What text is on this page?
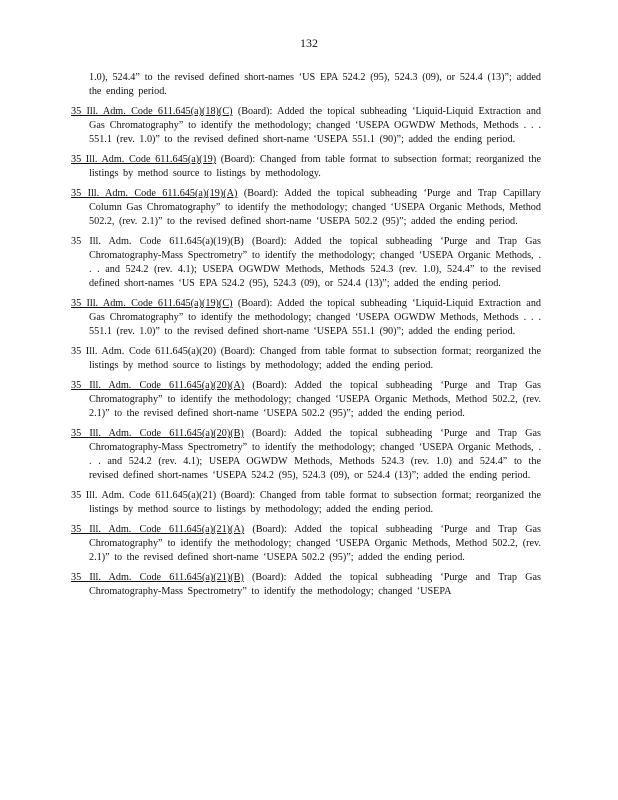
132

1.0), 524.4” to the revised defined short-names ‘US EPA 524.2 (95), 524.3 (09), or 524.4 (13)”; added the ending period.

35 Ill. Adm. Code 611.645(a)(18)(C) (Board): Added the topical subheading ‘Liquid-Liquid Extraction and Gas Chromatography” to identify the methodology; changed ‘USEPA OGWDW Methods, Methods . . . 551.1 (rev. 1.0)” to the revised defined short-name ‘USEPA 551.1 (90)”; added the ending period.

35 Ill. Adm. Code 611.645(a)(19) (Board): Changed from table format to subsection format; reorganized the listings by method source to listings by methodology.

35 Ill. Adm. Code 611.645(a)(19)(A) (Board): Added the topical subheading ‘Purge and Trap Capillary Column Gas Chromatography” to identify the methodology; changed ‘USEPA Organic Methods, Method 502.2, (rev. 2.1)” to the revised defined short-name ‘USEPA 502.2 (95)”; added the ending period.

35 Ill. Adm. Code 611.645(a)(19)(B) (Board): Added the topical subheading ‘Purge and Trap Gas Chromatography-Mass Spectrometry” to identify the methodology; changed ‘USEPA Organic Methods, . . . and 524.2 (rev. 4.1); USEPA OGWDW Methods, Methods 524.3 (rev. 1.0), 524.4” to the revised defined short-names ‘US EPA 524.2 (95), 524.3 (09), or 524.4 (13)”; added the ending period.

35 Ill. Adm. Code 611.645(a)(19)(C) (Board): Added the topical subheading ‘Liquid-Liquid Extraction and Gas Chromatography” to identify the methodology; changed ‘USEPA OGWDW Methods, Methods . . . 551.1 (rev. 1.0)” to the revised defined short-name ‘USEPA 551.1 (90)”; added the ending period.

35 Ill. Adm. Code 611.645(a)(20) (Board): Changed from table format to subsection format; reorganized the listings by method source to listings by methodology; added the ending period.

35 Ill. Adm. Code 611.645(a)(20)(A) (Board): Added the topical subheading ‘Purge and Trap Gas Chromatography” to identify the methodology; changed ‘USEPA Organic Methods, Method 502.2, (rev. 2.1)” to the revised defined short-name ‘USEPA 502.2 (95)”; added the ending period.

35 Ill. Adm. Code 611.645(a)(20)(B) (Board): Added the topical subheading ‘Purge and Trap Gas Chromatography-Mass Spectrometry” to identify the methodology; changed ‘USEPA Organic Methods, . . . and 524.2 (rev. 4.1); USEPA OGWDW Methods, Methods 524.3 (rev. 1.0) and 524.4” to the revised defined short-names ‘USEPA 524.2 (95), 524.3 (09), or 524.4 (13)”; added the ending period.

35 Ill. Adm. Code 611.645(a)(21) (Board): Changed from table format to subsection format; reorganized the listings by method source to listings by methodology; added the ending period.

35 Ill. Adm. Code 611.645(a)(21)(A) (Board): Added the topical subheading ‘Purge and Trap Gas Chromatography” to identify the methodology; changed ‘USEPA Organic Methods, Method 502.2, (rev. 2.1)” to the revised defined short-name ‘USEPA 502.2 (95)”; added the ending period.

35 Ill. Adm. Code 611.645(a)(21)(B) (Board): Added the topical subheading ‘Purge and Trap Gas Chromatography-Mass Spectrometry” to identify the methodology; changed ‘USEPA
